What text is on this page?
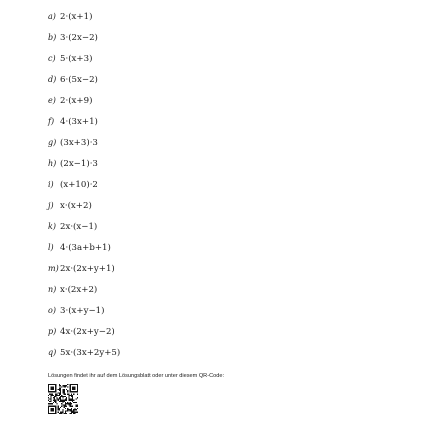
a) 2·(x+1)
b) 3·(2x−2)
c) 5·(x+3)
d) 6·(5x−2)
e) 2·(x+9)
f) 4·(3x+1)
g) (3x+3)·3
h) (2x−1)·3
i) (x+10)·2
j) x·(x+2)
k) 2x·(x−1)
l) 4·(3a+b+1)
m)2x·(2x+y+1)
n) x·(2x+2)
o) 3·(x+y−1)
p) 4x·(2x+y−2)
q) 5x·(3x+2y+5)
Lösungen findet ihr auf dem Lösungsblatt oder unter diesem QR-Code:
